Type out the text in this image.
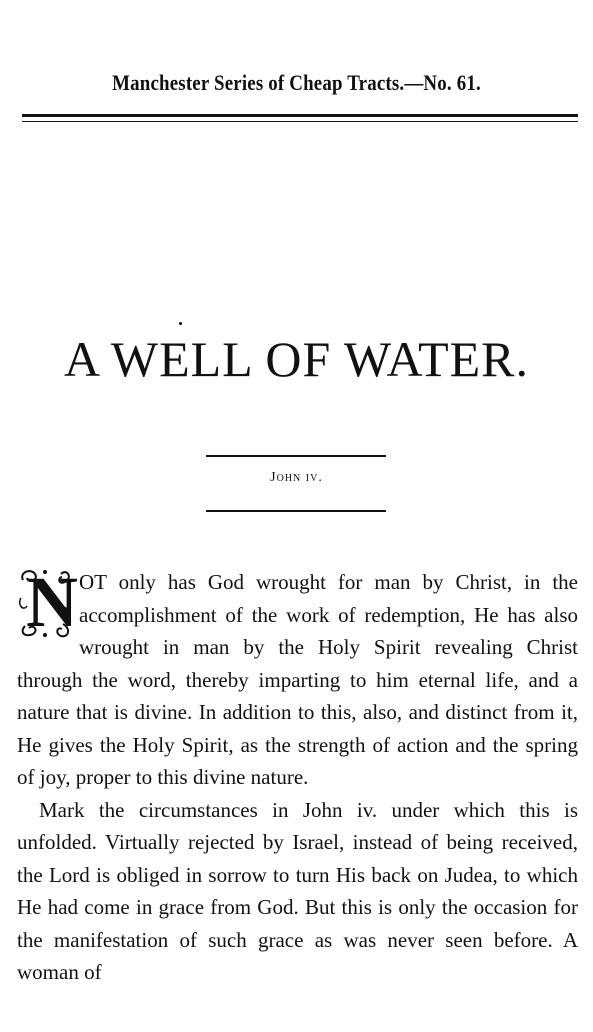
Manchester Series of Cheap Tracts.—No. 61.
A WELL OF WATER.
John iv.

N OT only has God wrought for man by Christ, in the accomplishment of the work of redemption, He has also wrought in man by the Holy Spirit revealing Christ through the word, thereby imparting to him eternal life, and a nature that is divine. In addition to this, also, and distinct from it, He gives the Holy Spirit, as the strength of action and the spring of joy, proper to this divine nature.

Mark the circumstances in John iv. under which this is unfolded. Virtually rejected by Israel, instead of being received, the Lord is obliged in sorrow to turn His back on Judea, to which He had come in grace from God. But this is only the occasion for the manifestation of such grace as was never seen before. A woman of
